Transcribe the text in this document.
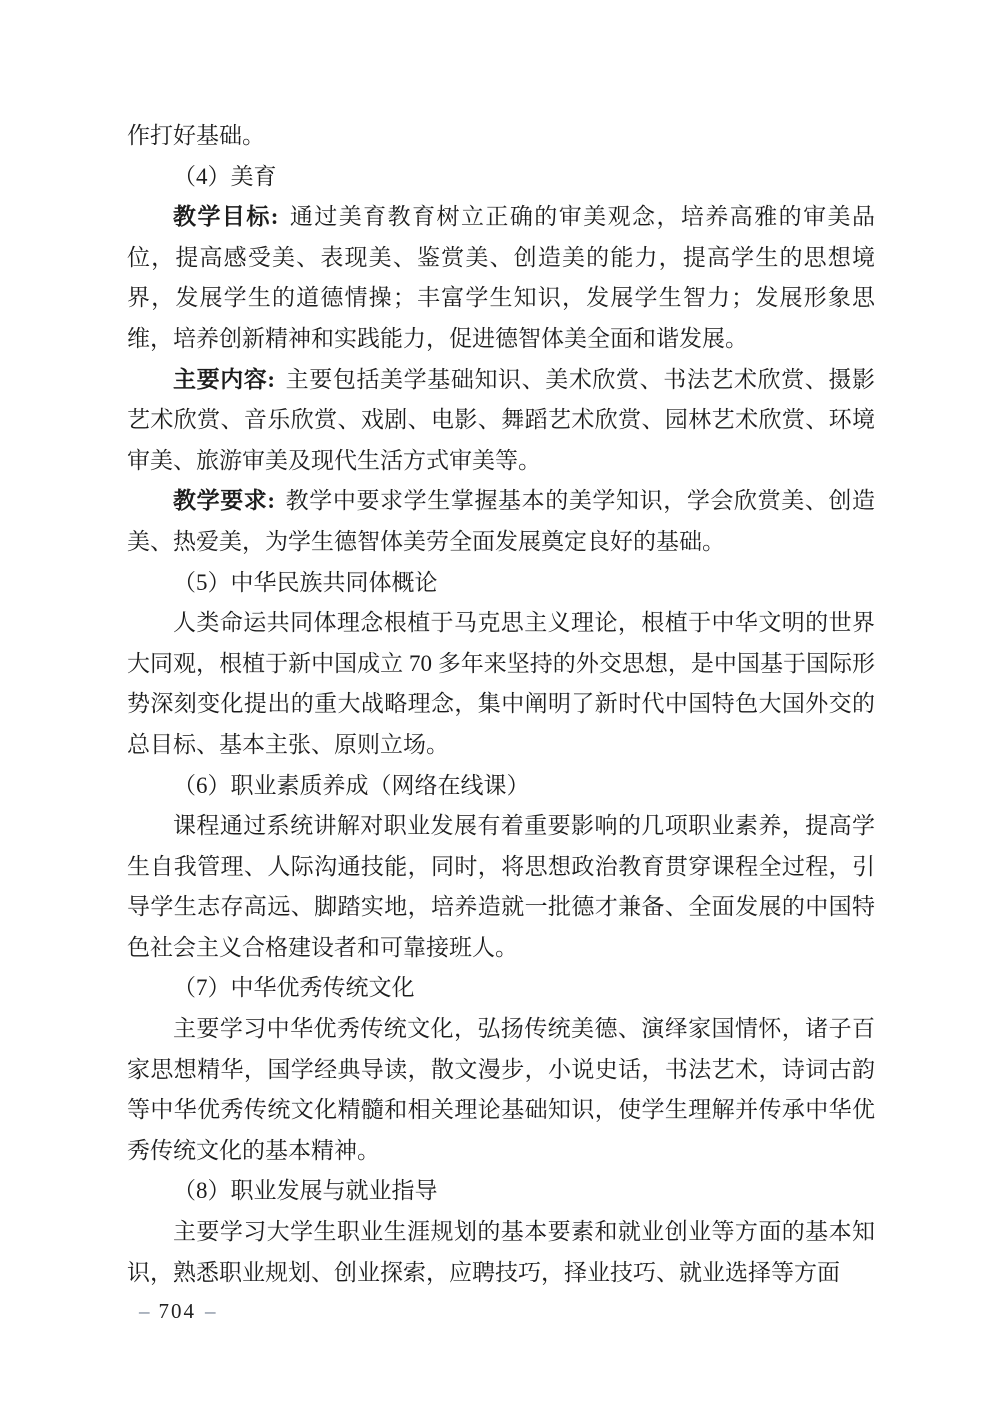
作打好基础。

（4）美育

教学目标: 通过美育教育树立正确的审美观念，培养高雅的审美品位，提高感受美、表现美、鉴赏美、创造美的能力，提高学生的思想境界，发展学生的道德情操；丰富学生知识，发展学生智力；发展形象思维，培养创新精神和实践能力，促进德智体美全面和谐发展。

主要内容: 主要包括美学基础知识、美术欣赏、书法艺术欣赏、摄影艺术欣赏、音乐欣赏、戏剧、电影、舞蹈艺术欣赏、园林艺术欣赏、环境审美、旅游审美及现代生活方式审美等。

教学要求: 教学中要求学生掌握基本的美学知识，学会欣赏美、创造美、热爱美，为学生德智体美劳全面发展奠定良好的基础。

（5）中华民族共同体概论

人类命运共同体理念根植于马克思主义理论，根植于中华文明的世界大同观，根植于新中国成立 70 多年来坚持的外交思想，是中国基于国际形势深刻变化提出的重大战略理念，集中阐明了新时代中国特色大国外交的总目标、基本主张、原则立场。

（6）职业素质养成（网络在线课）

课程通过系统讲解对职业发展有着重要影响的几项职业素养，提高学生自我管理、人际沟通技能，同时，将思想政治教育贯穿课程全过程，引导学生志存高远、脚踏实地，培养造就一批德才兼备、全面发展的中国特色社会主义合格建设者和可靠接班人。

（7）中华优秀传统文化

主要学习中华优秀传统文化，弘扬传统美德、演绎家国情怀，诸子百家思想精华，国学经典导读，散文漫步，小说史话，书法艺术，诗词古韵等中华优秀传统文化精髓和相关理论基础知识，使学生理解并传承中华优秀传统文化的基本精神。

（8）职业发展与就业指导

主要学习大学生职业生涯规划的基本要素和就业创业等方面的基本知识，熟悉职业规划、创业探索，应聘技巧，择业技巧、就业选择等方面

– 704 –
